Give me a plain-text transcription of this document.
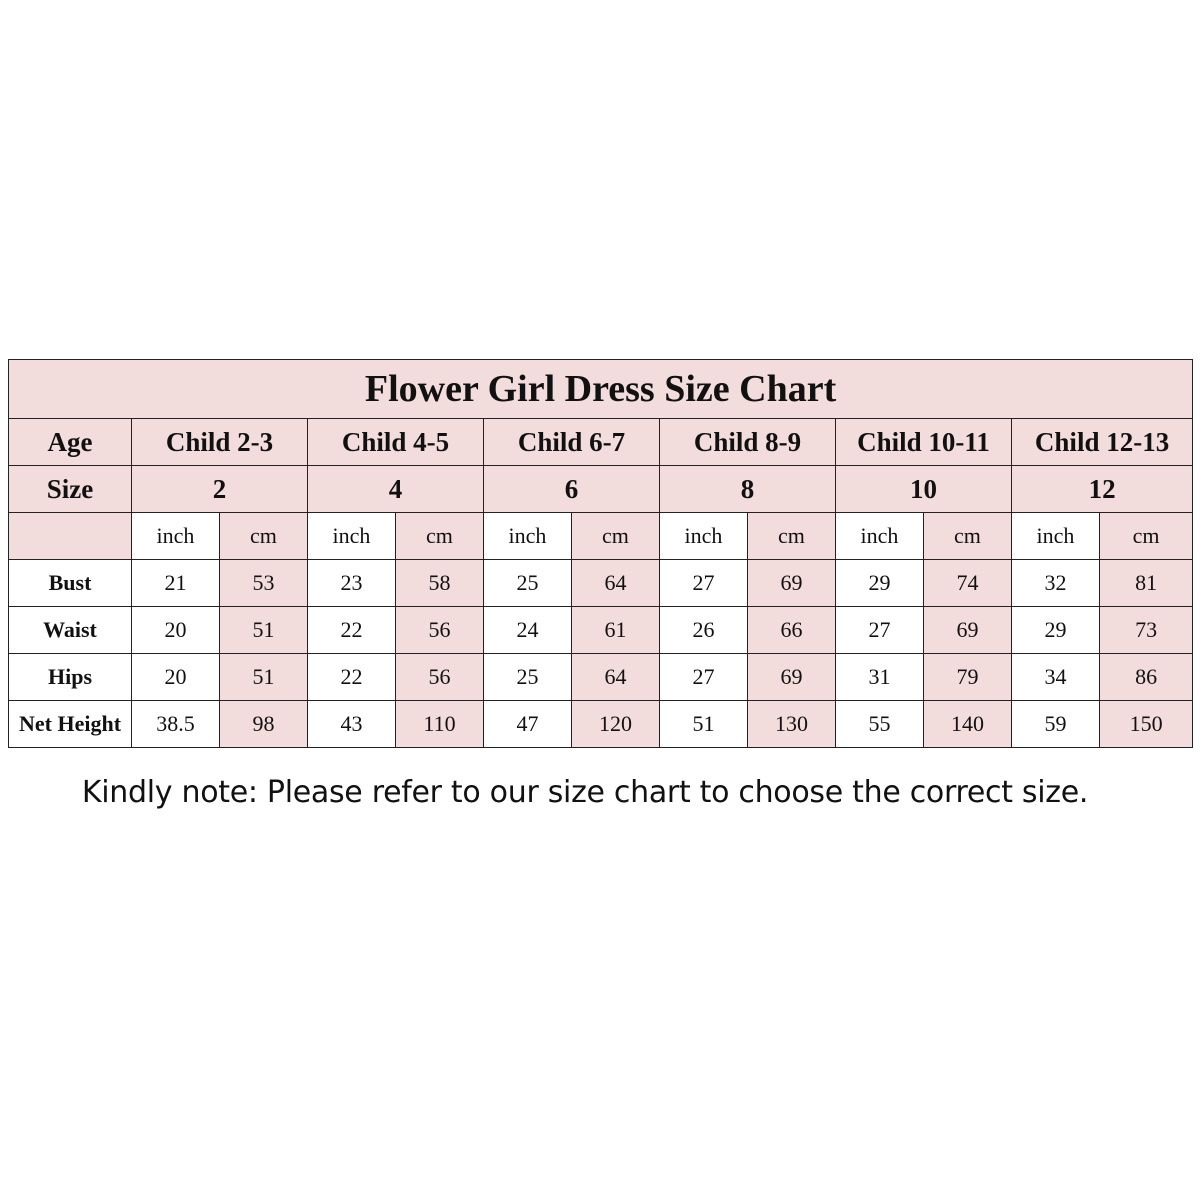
Flower Girl Dress Size Chart												
Age	Child 2-3		Child 4-5		Child 6-7		Child 8-9		Child 10-11		Child 12-13	
Size	2		4		6		8		10		12	
	inch	cm	inch	cm	inch	cm	inch	cm	inch	cm	inch	cm
Bust	21	53	23	58	25	64	27	69	29	74	32	81
Waist	20	51	22	56	24	61	26	66	27	69	29	73
Hips	20	51	22	56	25	64	27	69	31	79	34	86
Net Height	38.5	98	43	110	47	120	51	130	55	140	59	150
Kindly note: Please refer to our size chart to choose the correct size.
